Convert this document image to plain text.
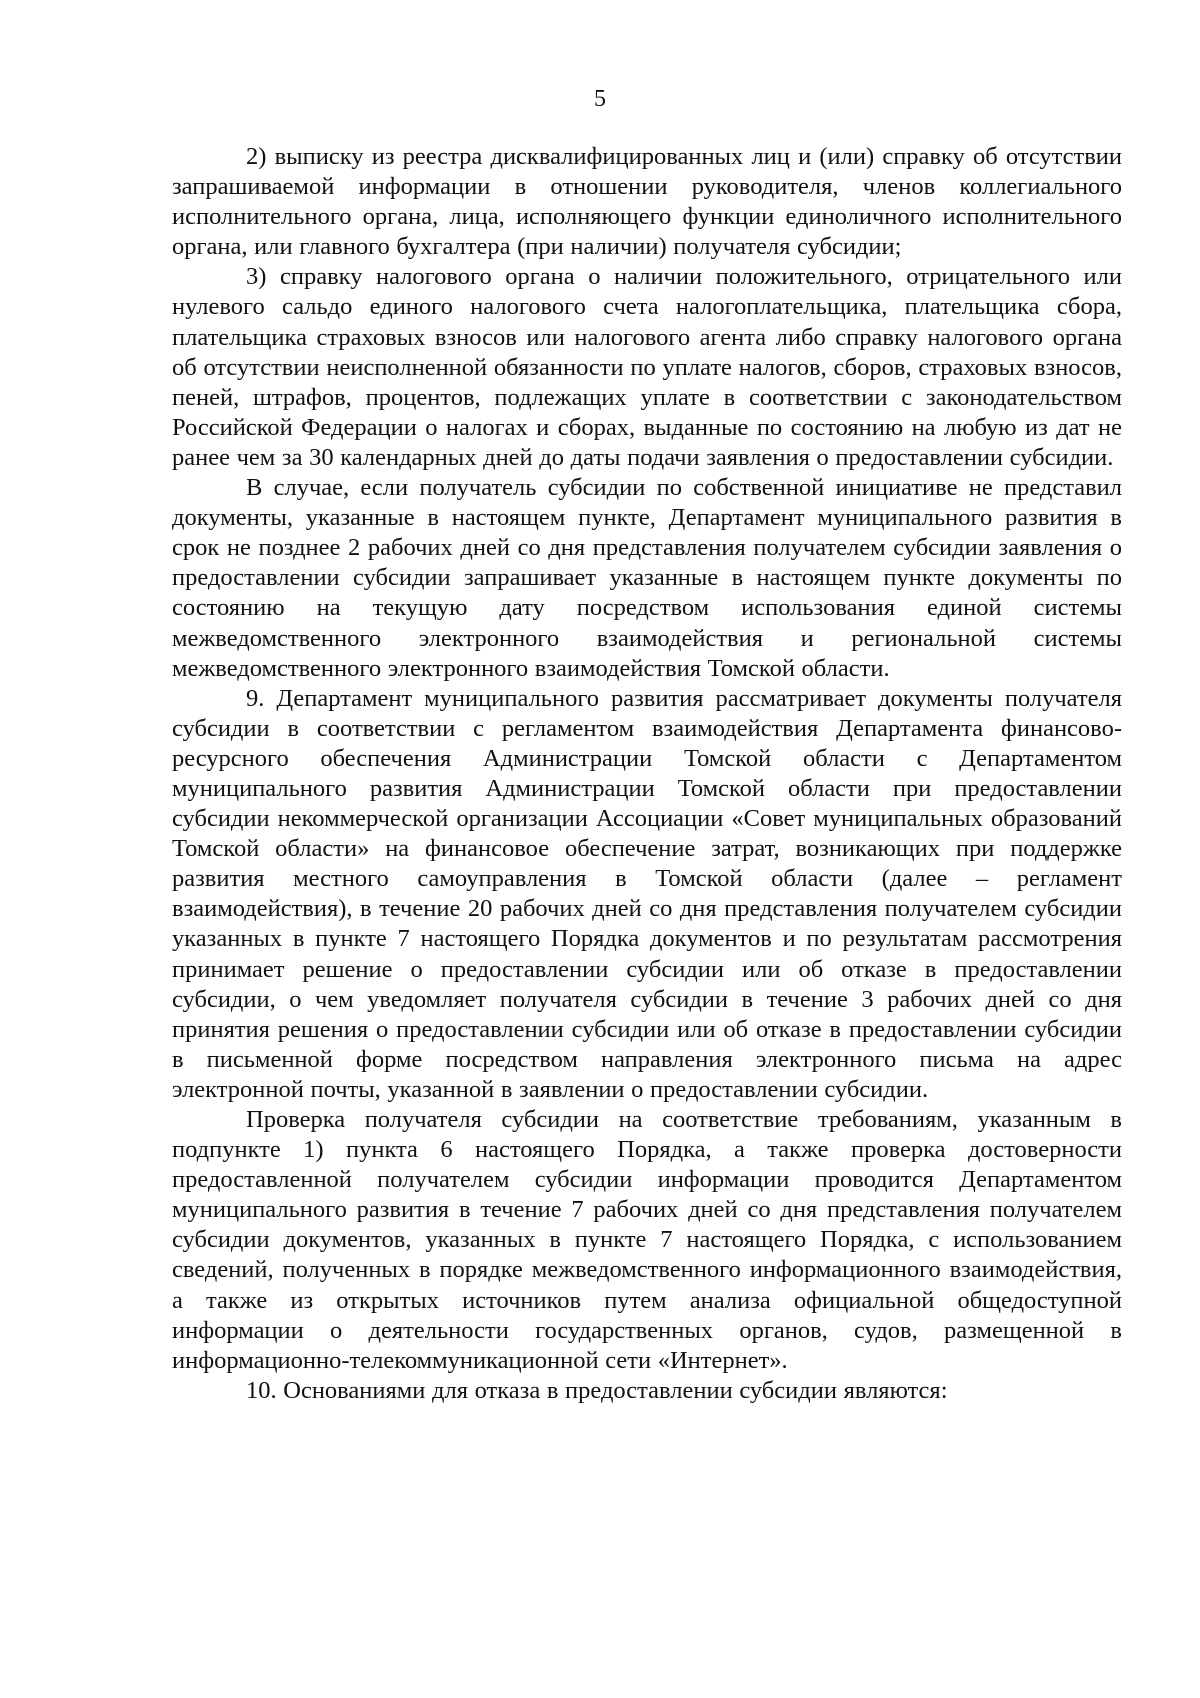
5

2) выписку из реестра дисквалифицированных лиц и (или) справку об отсутствии запрашиваемой информации в отношении руководителя, членов коллегиального исполнительного органа, лица, исполняющего функции единоличного исполнительного органа, или главного бухгалтера (при наличии) получателя субсидии;

3) справку налогового органа о наличии положительного, отрицательного или нулевого сальдо единого налогового счета налогоплательщика, плательщика сбора, плательщика страховых взносов или налогового агента либо справку налогового органа об отсутствии неисполненной обязанности по уплате налогов, сборов, страховых взносов, пеней, штрафов, процентов, подлежащих уплате в соответствии с законодательством Российской Федерации о налогах и сборах, выданные по состоянию на любую из дат не ранее чем за 30 календарных дней до даты подачи заявления о предоставлении субсидии.

В случае, если получатель субсидии по собственной инициативе не представил документы, указанные в настоящем пункте, Департамент муниципального развития в срок не позднее 2 рабочих дней со дня представления получателем субсидии заявления о предоставлении субсидии запрашивает указанные в настоящем пункте документы по состоянию на текущую дату посредством использования единой системы межведомственного электронного взаимодействия и региональной системы межведомственного электронного взаимодействия Томской области.

9. Департамент муниципального развития рассматривает документы получателя субсидии в соответствии с регламентом взаимодействия Департамента финансово-ресурсного обеспечения Администрации Томской области с Департаментом муниципального развития Администрации Томской области при предоставлении субсидии некоммерческой организации Ассоциации «Совет муниципальных образований Томской области» на финансовое обеспечение затрат, возникающих при поддержке развития местного самоуправления в Томской области (далее – регламент взаимодействия), в течение 20 рабочих дней со дня представления получателем субсидии указанных в пункте 7 настоящего Порядка документов и по результатам рассмотрения принимает решение о предоставлении субсидии или об отказе в предоставлении субсидии, о чем уведомляет получателя субсидии в течение 3 рабочих дней со дня принятия решения о предоставлении субсидии или об отказе в предоставлении субсидии в письменной форме посредством направления электронного письма на адрес электронной почты, указанной в заявлении о предоставлении субсидии.

Проверка получателя субсидии на соответствие требованиям, указанным в подпункте 1) пункта 6 настоящего Порядка, а также проверка достоверности предоставленной получателем субсидии информации проводится Департаментом муниципального развития в течение 7 рабочих дней со дня представления получателем субсидии документов, указанных в пункте 7 настоящего Порядка, с использованием сведений, полученных в порядке межведомственного информационного взаимодействия, а также из открытых источников путем анализа официальной общедоступной информации о деятельности государственных органов, судов, размещенной в информационно-телекоммуникационной сети «Интернет».

10. Основаниями для отказа в предоставлении субсидии являются:
